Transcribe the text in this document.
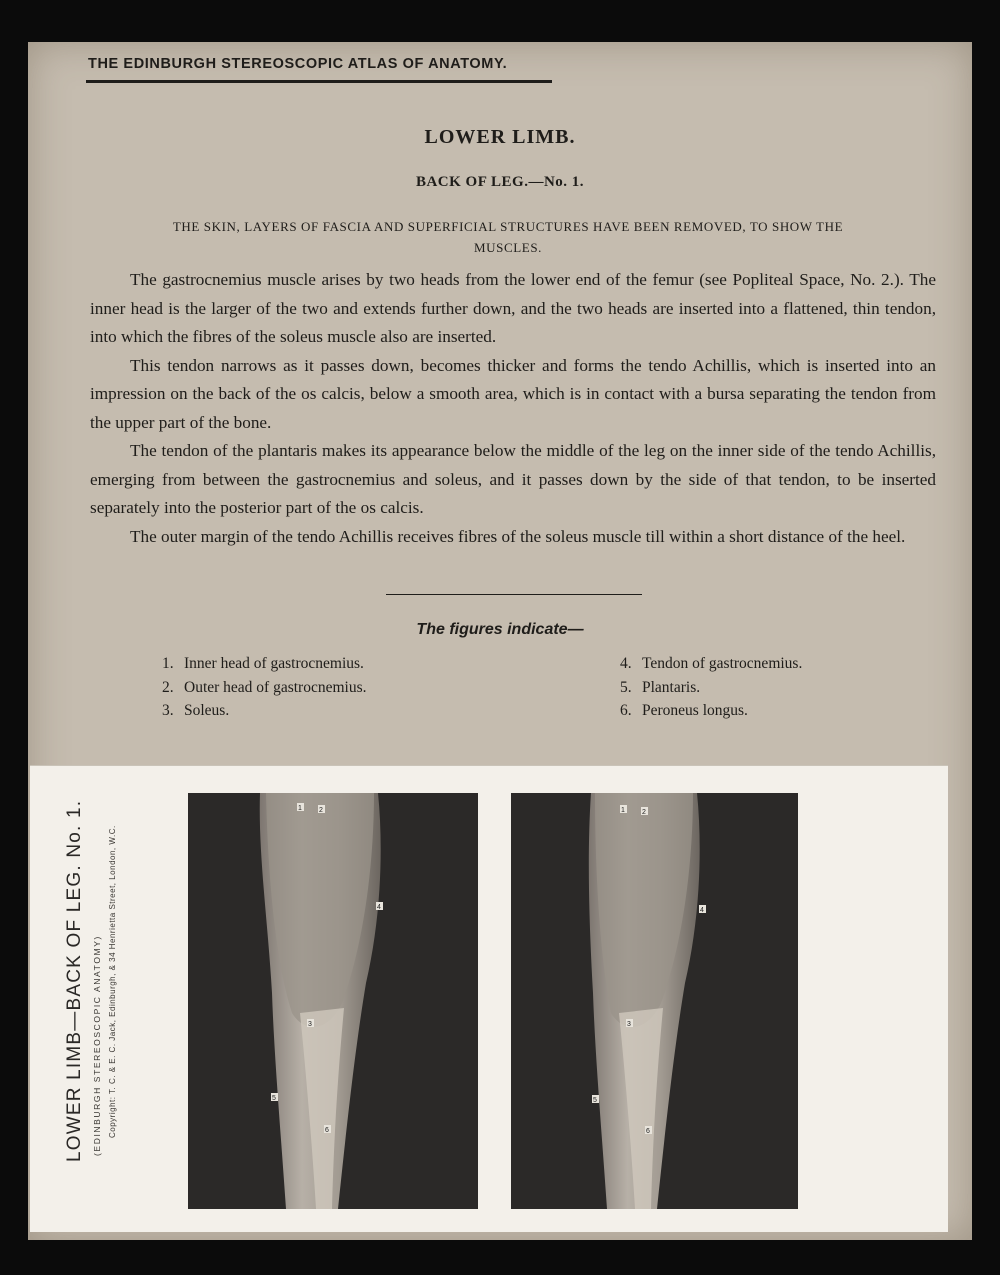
THE EDINBURGH STEREOSCOPIC ATLAS OF ANATOMY.
LOWER LIMB.
BACK OF LEG.—No. 1.
THE SKIN, LAYERS OF FASCIA AND SUPERFICIAL STRUCTURES HAVE BEEN REMOVED, TO SHOW THE MUSCLES.

The gastrocnemius muscle arises by two heads from the lower end of the femur (see Popliteal Space, No. 2.). The inner head is the larger of the two and extends further down, and the two heads are inserted into a flattened, thin tendon, into which the fibres of the soleus muscle also are inserted.

This tendon narrows as it passes down, becomes thicker and forms the tendo Achillis, which is inserted into an impression on the back of the os calcis, below a smooth area, which is in contact with a bursa separating the tendon from the upper part of the bone.

The tendon of the plantaris makes its appearance below the middle of the leg on the inner side of the tendo Achillis, emerging from between the gastrocnemius and soleus, and it passes down by the side of that tendon, to be inserted separately into the posterior part of the os calcis.

The outer margin of the tendo Achillis receives fibres of the soleus muscle till within a short distance of the heel.

The figures indicate—
1. Inner head of gastrocnemius.
2. Outer head of gastrocnemius.
3. Soleus.
4. Tendon of gastrocnemius.
5. Plantaris.
6. Peroneus longus.
LOWER LIMB—BACK OF LEG. No. 1. (EDINBURGH STEREOSCOPIC ANATOMY) Copyright: T. C. & E. C. Jack, Edinburgh, & 34 Henrietta Street, London, W.C.
1 2
3
4
5
6
1 2
3
4
5
6
